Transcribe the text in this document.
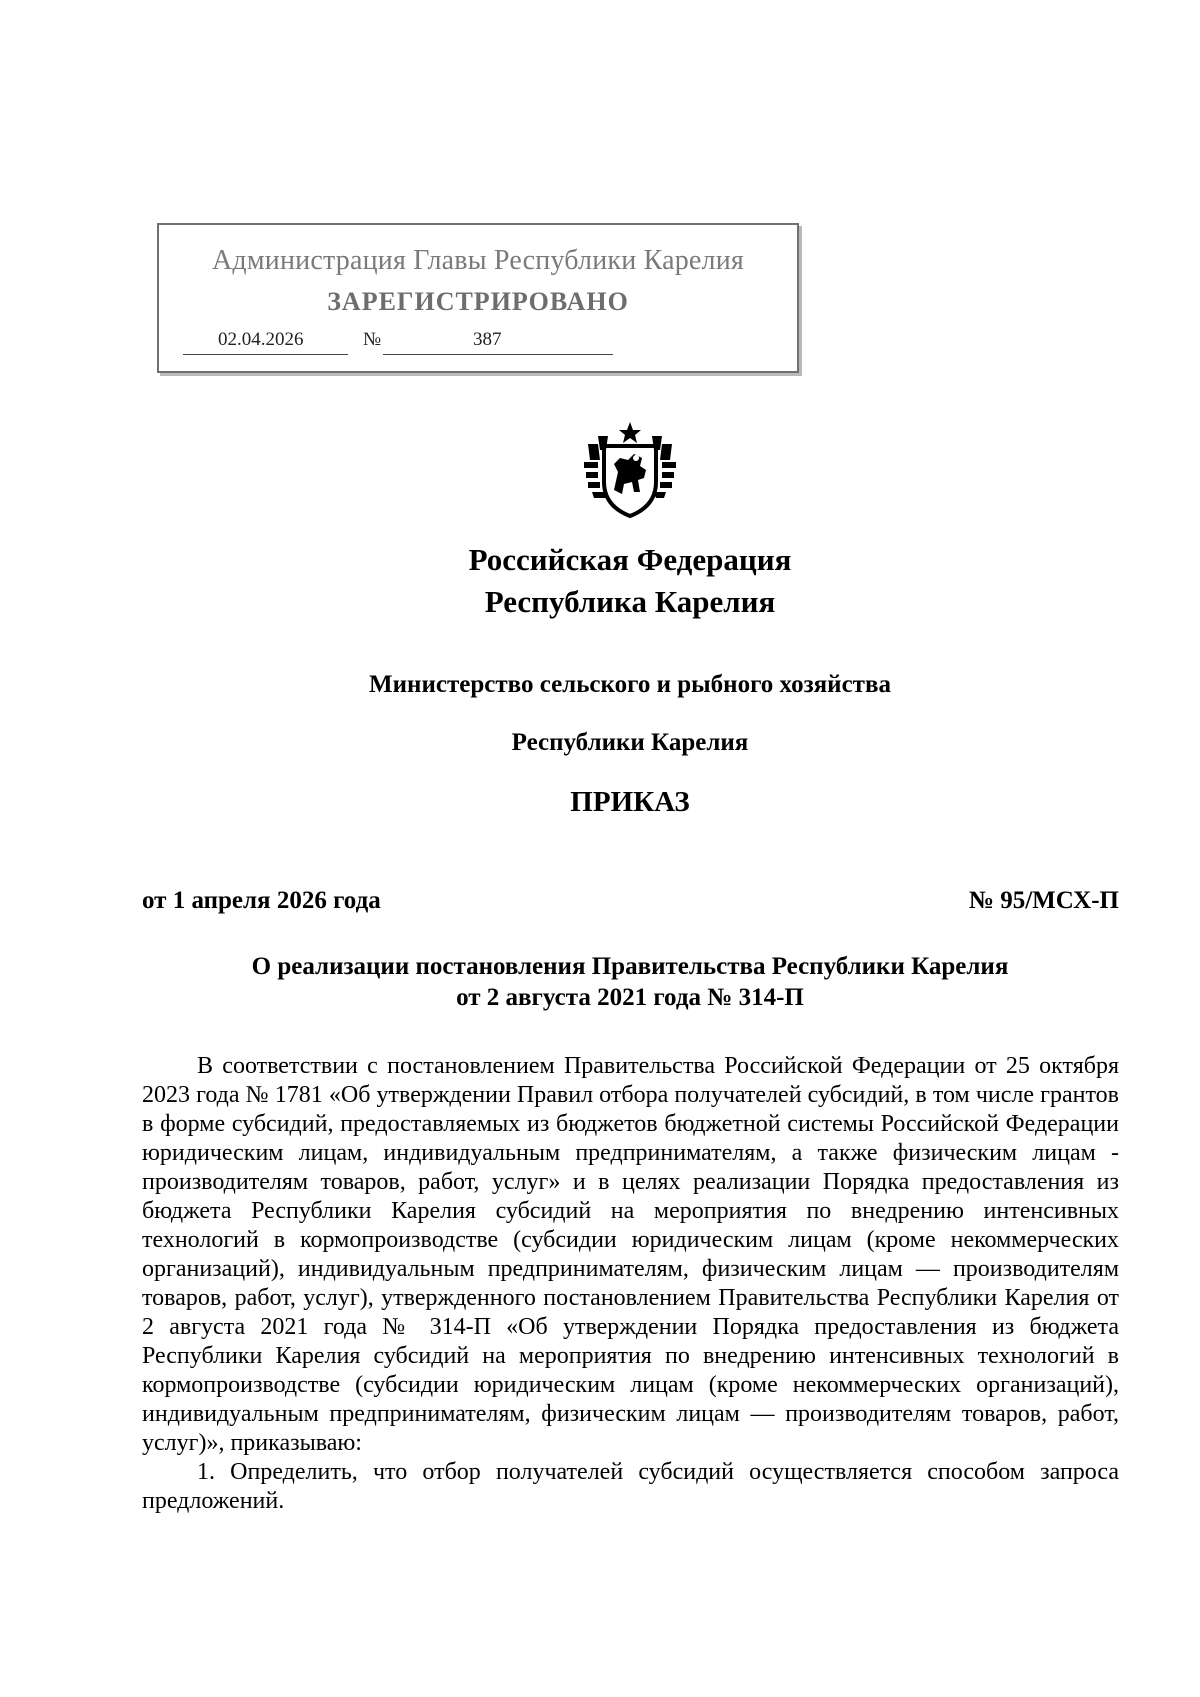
Администрация Главы Республики Карелия
ЗАРЕГИСТРИРОВАНО
02.04.2026	№	387
Российская Федерация
Республика Карелия
Министерство сельского и рыбного хозяйства
Республики Карелия
ПРИКАЗ
от 1 апреля 2026 года	№ 95/МСХ-П
О реализации постановления Правительства Республики Карелия
от 2 августа 2021 года № 314-П

В соответствии с постановлением Правительства Российской Федерации от 25 октября 2023 года № 1781 «Об утверждении Правил отбора получателей субсидий, в том числе грантов в форме субсидий, предоставляемых из бюджетов бюджетной системы Российской Федерации юридическим лицам, индивидуальным предпринимателям, а также физическим лицам - производителям товаров, работ, услуг» и в целях реализации Порядка предоставления из бюджета Республики Карелия субсидий на мероприятия по внедрению интенсивных технологий в кормопроизводстве (субсидии юридическим лицам (кроме некоммерческих организаций), индивидуальным предпринимателям, физическим лицам — производителям товаров, работ, услуг), утвержденного постановлением Правительства Республики Карелия от 2 августа 2021 года № 314-П «Об утверждении Порядка предоставления из бюджета Республики Карелия субсидий на мероприятия по внедрению интенсивных технологий в кормопроизводстве (субсидии юридическим лицам (кроме некоммерческих организаций), индивидуальным предпринимателям, физическим лицам — производителям товаров, работ, услуг)», приказываю:

1. Определить, что отбор получателей субсидий осуществляется способом запроса предложений.
